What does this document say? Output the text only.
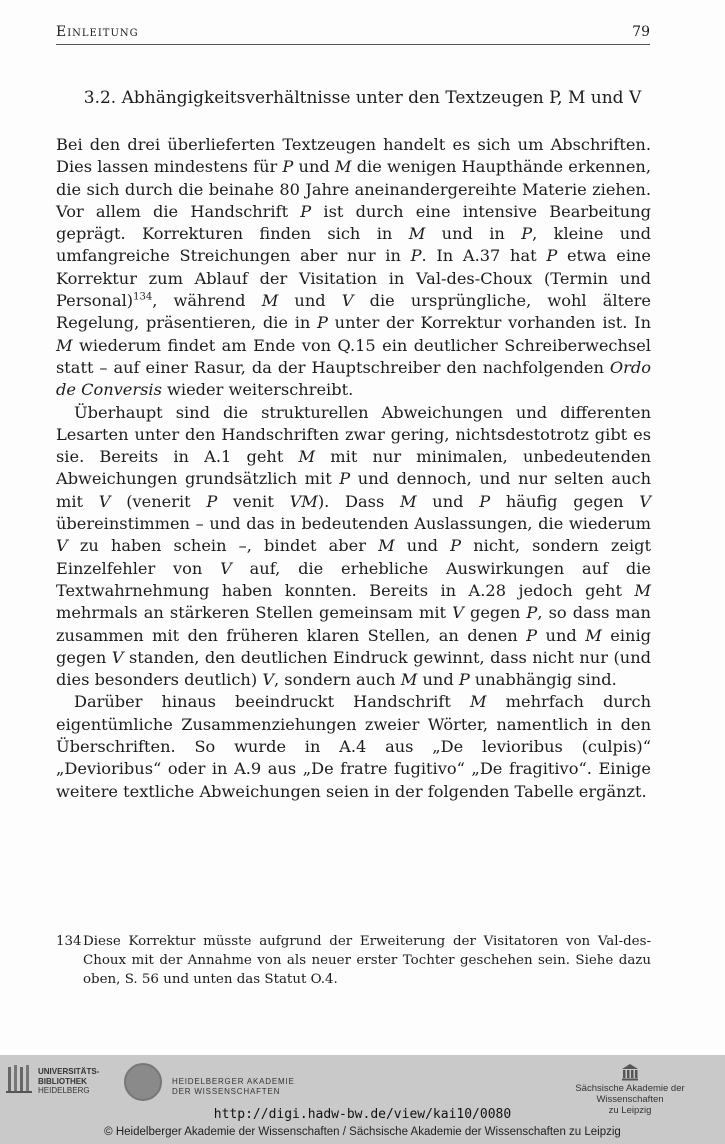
Einleitung	79
3.2. Abhängigkeitsverhältnisse unter den Textzeugen P, M und V

Bei den drei überlieferten Textzeugen handelt es sich um Abschriften. Dies lassen mindestens für P und M die wenigen Haupthände erkennen, die sich durch die beinahe 80 Jahre aneinandergereihte Materie ziehen. Vor allem die Handschrift P ist durch eine intensive Bearbeitung geprägt. Korrekturen finden sich in M und in P, kleine und umfangreiche Streichungen aber nur in P. In A.37 hat P etwa eine Korrektur zum Ablauf der Visitation in Val-des-Choux (Termin und Personal)$^{134}$, während M und V die ursprüngliche, wohl ältere Regelung, präsentieren, die in P unter der Korrektur vorhanden ist. In M wiederum findet am Ende von Q.15 ein deutlicher Schreiberwechsel statt – auf einer Rasur, da der Hauptschreiber den nachfolgenden Ordo de Conversis wieder weiterschreibt.

Überhaupt sind die strukturellen Abweichungen und differenten Lesarten unter den Handschriften zwar gering, nichtsdestotrotz gibt es sie. Bereits in A.1 geht M mit nur minimalen, unbedeutenden Abweichungen grundsätzlich mit P und dennoch, und nur selten auch mit V (venerit P venit VM). Dass M und P häufig gegen V übereinstimmen – und das in bedeutenden Auslassungen, die wiederum V zu haben schein –, bindet aber M und P nicht, sondern zeigt Einzelfehler von V auf, die erhebliche Auswirkungen auf die Textwahrnehmung haben konnten. Bereits in A.28 jedoch geht M mehrmals an stärkeren Stellen gemeinsam mit V gegen P, so dass man zusammen mit den früheren klaren Stellen, an denen P und M einig gegen V standen, den deutlichen Eindruck gewinnt, dass nicht nur (und dies besonders deutlich) V, sondern auch M und P unabhängig sind.

Darüber hinaus beeindruckt Handschrift M mehrfach durch eigentümliche Zusammenziehungen zweier Wörter, namentlich in den Überschriften. So wurde in A.4 aus „De levioribus (culpis)“ „Devioribus“ oder in A.9 aus „De fratre fugitivo“ „De fragitivo“. Einige weitere textliche Abweichungen seien in der folgenden Tabelle ergänzt.

134 Diese Korrektur müsste aufgrund der Erweiterung der Visitatoren von Val-des-Choux mit der Annahme von als neuer erster Tochter geschehen sein. Siehe dazu oben, S. 56 und unten das Statut O.4.
UNIVERSITÄTS-
BIBLIOTHEK
HEIDELBERG
HEIDELBERGER AKADEMIE
DER WISSENSCHAFTEN	Sächsische Akademie der Wissenschaften
zu Leipzig
http://digi.hadw-bw.de/view/kai10/0080
© Heidelberger Akademie der Wissenschaften / Sächsische Akademie der Wissenschaften zu Leipzig
